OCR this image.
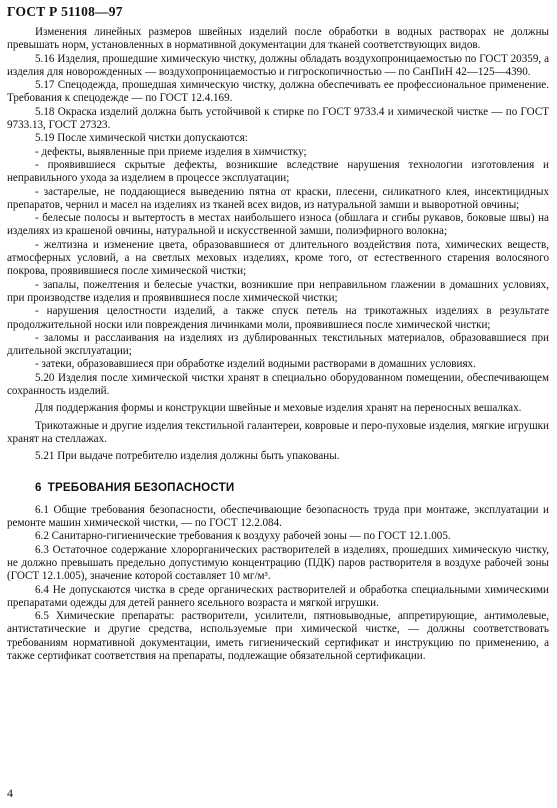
ГОСТ Р 51108—97

Изменения линейных размеров швейных изделий после обработки в водных растворах не должны превышать норм, установленных в нормативной документации для тканей соответствующих видов.

5.16 Изделия, прошедшие химическую чистку, должны обладать воздухопроницаемостью по ГОСТ 20359, а изделия для новорожденных — воздухопроницаемостью и гигроскопичностью — по СанПиН 42—125—4390.

5.17 Спецодежда, прошедшая химическую чистку, должна обеспечивать ее профессиональное применение. Требования к спецодежде — по ГОСТ 12.4.169.

5.18 Окраска изделий должна быть устойчивой к стирке по ГОСТ 9733.4 и химической чистке — по ГОСТ 9733.13, ГОСТ 27323.

5.19 После химической чистки допускаются:

- дефекты, выявленные при приеме изделия в химчистку;

- проявившиеся скрытые дефекты, возникшие вследствие нарушения технологии изготовления и неправильного ухода за изделием в процессе эксплуатации;

- застарелые, не поддающиеся выведению пятна от краски, плесени, силикатного клея, инсектицидных препаратов, чернил и масел на изделиях из тканей всех видов, из натуральной замши и выворотной овчины;

- белесые полосы и вытертость в местах наибольшего износа (обшлага и сгибы рукавов, боковые швы) на изделиях из крашеной овчины, натуральной и искусственной замши, полиэфирного волокна;

- желтизна и изменение цвета, образовавшиеся от длительного воздействия пота, химических веществ, атмосферных условий, а на светлых меховых изделиях, кроме того, от естественного старения волосяного покрова, проявившиеся после химической чистки;

- запалы, пожелтения и белесые участки, возникшие при неправильном глажении в домашних условиях, при производстве изделия и проявившиеся после химической чистки;

- нарушения целостности изделий, а также спуск петель на трикотажных изделиях в результате продолжительной носки или повреждения личинками моли, проявившиеся после химической чистки;

- заломы и расслаивания на изделиях из дублированных текстильных материалов, образовавшиеся при длительной эксплуатации;

- затеки, образовавшиеся при обработке изделий водными растворами в домашних условиях.

5.20 Изделия после химической чистки хранят в специально оборудованном помещении, обеспечивающем сохранность изделий.

Для поддержания формы и конструкции швейные и меховые изделия хранят на переносных вешалках.

Трикотажные и другие изделия текстильной галантереи, ковровые и перо-пуховые изделия, мягкие игрушки хранят на стеллажах.

5.21 При выдаче потребителю изделия должны быть упакованы.

6 ТРЕБОВАНИЯ БЕЗОПАСНОСТИ

6.1 Общие требования безопасности, обеспечивающие безопасность труда при монтаже, эксплуатации и ремонте машин химической чистки, — по ГОСТ 12.2.084.

6.2 Санитарно-гигиенические требования к воздуху рабочей зоны — по ГОСТ 12.1.005.

6.3 Остаточное содержание хлорорганических растворителей в изделиях, прошедших химическую чистку, не должно превышать предельно допустимую концентрацию (ПДК) паров растворителя в воздухе рабочей зоны (ГОСТ 12.1.005), значение которой составляет 10 мг/м³.

6.4 Не допускаются чистка в среде органических растворителей и обработка специальными химическими препаратами одежды для детей раннего ясельного возраста и мягкой игрушки.

6.5 Химические препараты: растворители, усилители, пятновыводные, аппретирующие, антимолевые, антистатические и другие средства, используемые при химической чистке, — должны соответствовать требованиям нормативной документации, иметь гигиенический сертификат и инструкцию по применению, а также сертификат соответствия на препараты, подлежащие обязательной сертификации.

4
